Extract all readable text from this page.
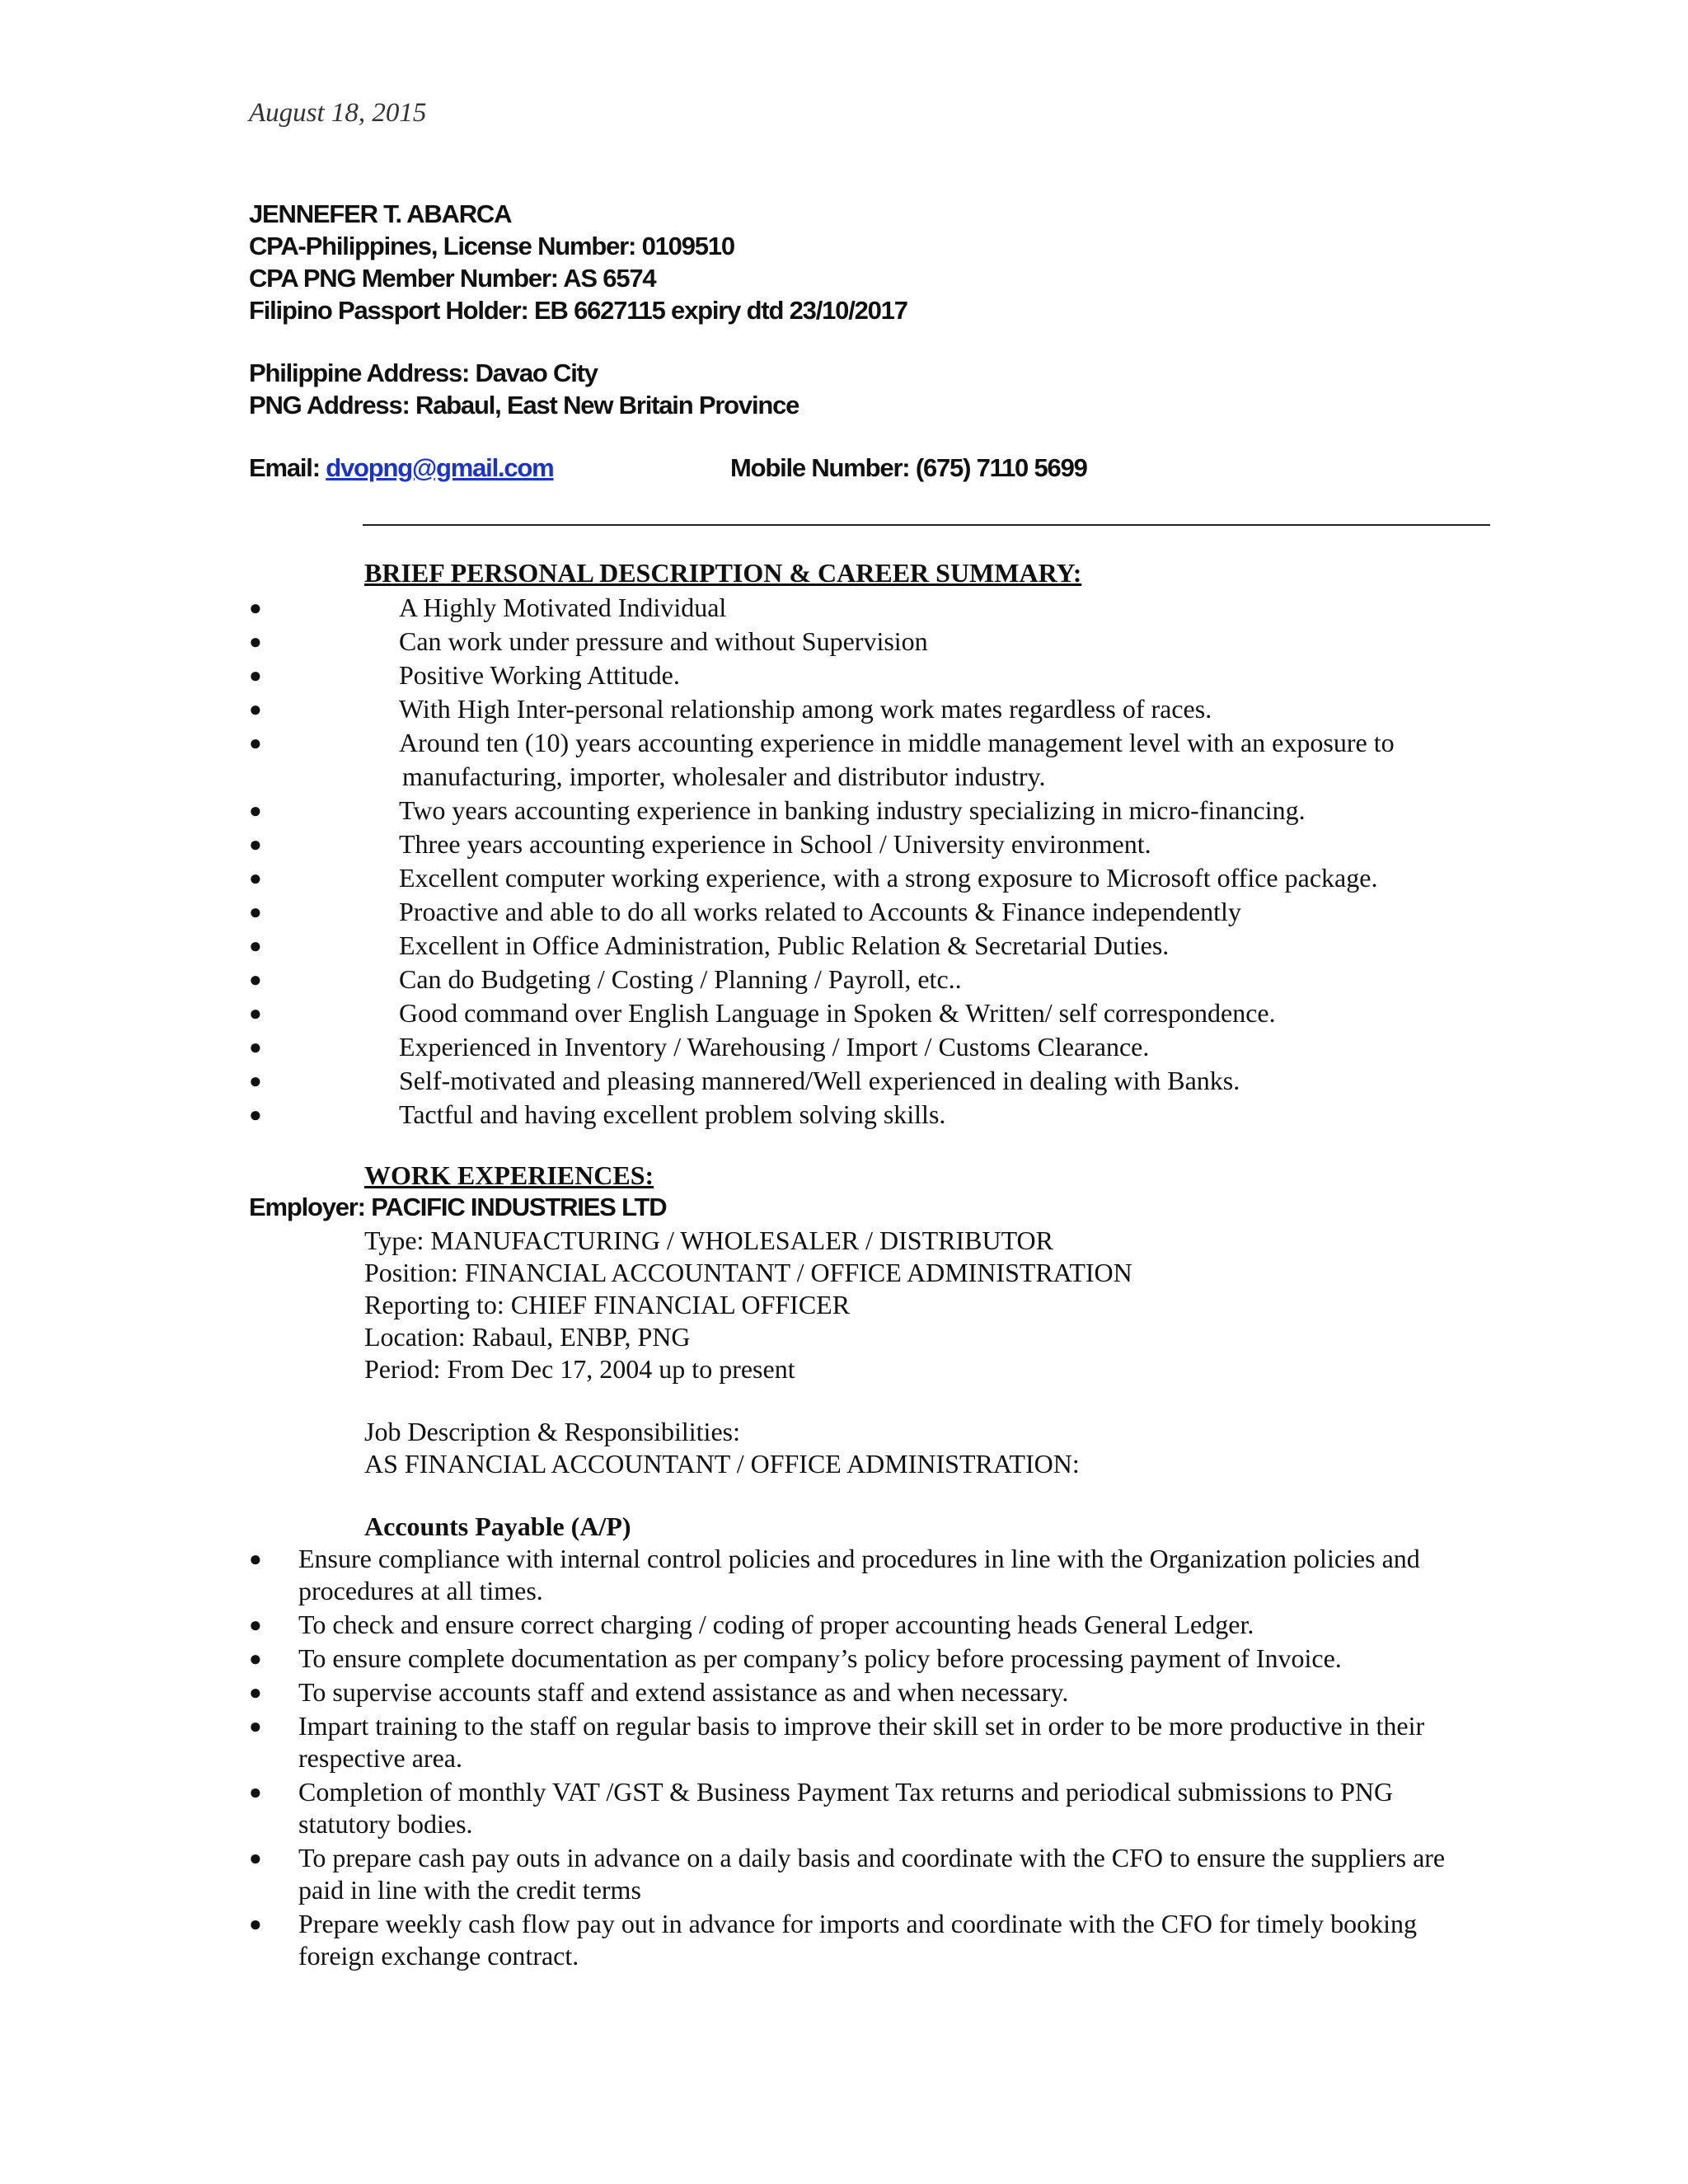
August 18, 2015
JENNEFER T. ABARCA
CPA-Philippines, License Number: 0109510
CPA PNG Member Number: AS 6574
Filipino Passport Holder: EB 6627115 expiry dtd 23/10/2017
Philippine Address: Davao City
PNG Address: Rabaul, East New Britain Province
Email: dvopng@gmail.com	Mobile Number: (675) 7110 5699
BRIEF PERSONAL DESCRIPTION & CAREER SUMMARY:
●	A Highly Motivated Individual
●	Can work under pressure and without Supervision
●	Positive Working Attitude.
●	With High Inter-personal relationship among work mates regardless of races.
●	Around ten (10) years accounting experience in middle management level with an exposure to
manufacturing, importer, wholesaler and distributor industry.
●	Two years accounting experience in banking industry specializing in micro-financing.
●	Three years accounting experience in School / University environment.
●	Excellent computer working experience, with a strong exposure to Microsoft office package.
●	Proactive and able to do all works related to Accounts & Finance independently
●	Excellent in Office Administration, Public Relation & Secretarial Duties.
●	Can do Budgeting / Costing / Planning / Payroll, etc..
●	Good command over English Language in Spoken & Written/ self correspondence.
●	Experienced in Inventory / Warehousing / Import / Customs Clearance.
●	Self-motivated and pleasing mannered/Well experienced in dealing with Banks.
●	Tactful and having excellent problem solving skills.
WORK EXPERIENCES:
Employer: PACIFIC INDUSTRIES LTD
Type: MANUFACTURING / WHOLESALER / DISTRIBUTOR
Position: FINANCIAL ACCOUNTANT / OFFICE ADMINISTRATION
Reporting to: CHIEF FINANCIAL OFFICER
Location: Rabaul, ENBP, PNG
Period: From Dec 17, 2004 up to present
Job Description & Responsibilities:
AS FINANCIAL ACCOUNTANT / OFFICE ADMINISTRATION:
Accounts Payable (A/P)
● Ensure compliance with internal control policies and procedures in line with the Organization policies and procedures at all times.
● To check and ensure correct charging / coding of proper accounting heads General Ledger.
● To ensure complete documentation as per company’s policy before processing payment of Invoice.
● To supervise accounts staff and extend assistance as and when necessary.
● Impart training to the staff on regular basis to improve their skill set in order to be more productive in their respective area.
● Completion of monthly VAT /GST & Business Payment Tax returns and periodical submissions to PNG statutory bodies.
● To prepare cash pay outs in advance on a daily basis and coordinate with the CFO to ensure the suppliers are paid in line with the credit terms
● Prepare weekly cash flow pay out in advance for imports and coordinate with the CFO for timely booking foreign exchange contract.
